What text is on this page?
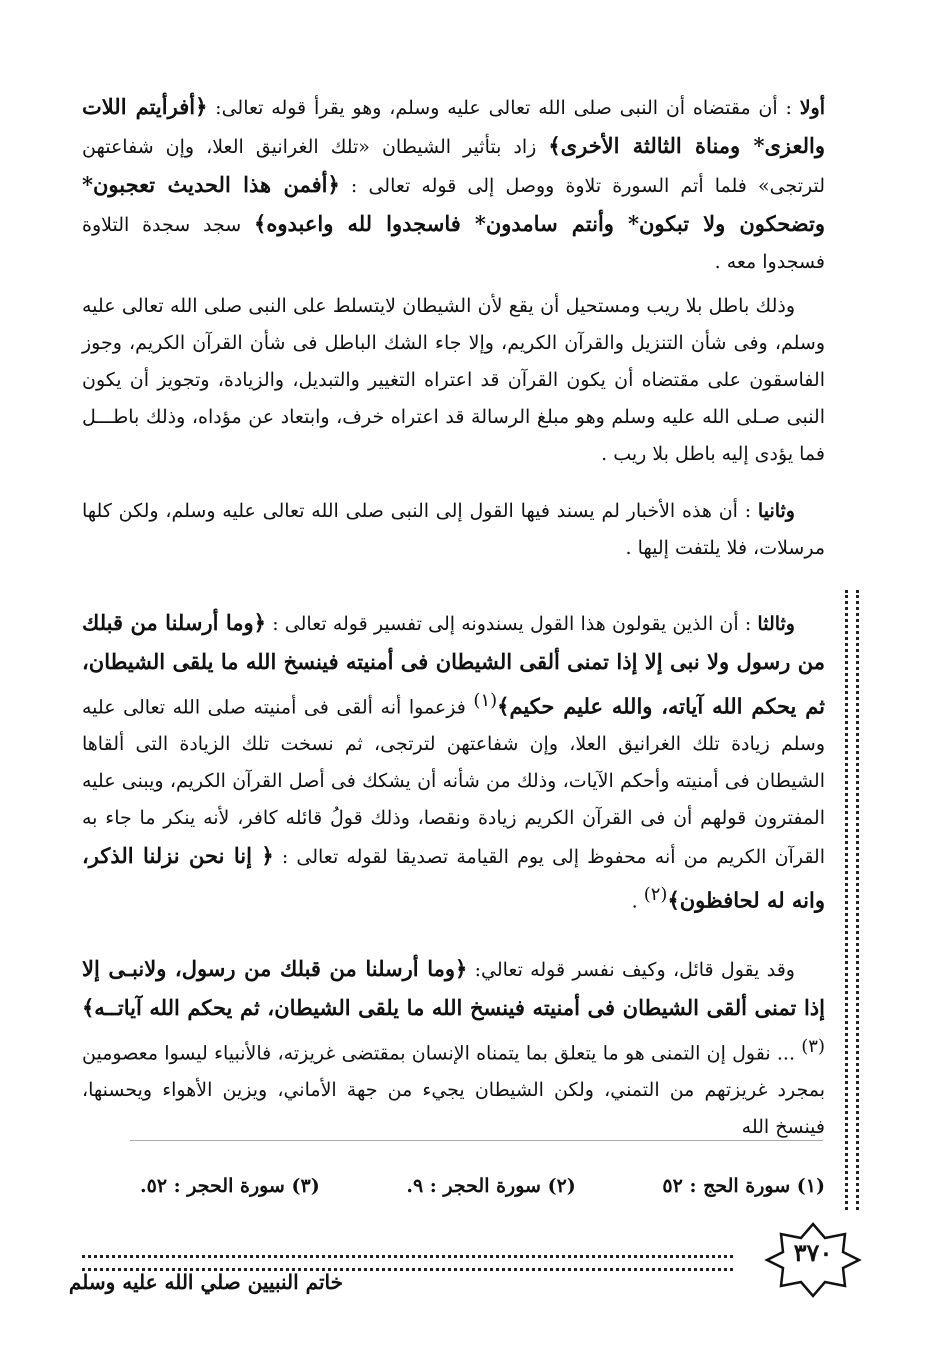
أولا : أن مقتضاه أن النبى صلى الله تعالى عليه وسلم، وهو يقرأ قوله تعالى: ﴿أفرأيتم اللات والعزى* ومناة الثالثة الأخرى﴾ زاد بتأثير الشيطان «تلك الغرانيق العلا، وإن شفاعتهن لترتجى» فلما أتم السورة تلاوة ووصل إلى قوله تعالى : ﴿أفمن هذا الحديث تعجبون* وتضحكون ولا تبكون* وأنتم سامدون* فاسجدوا لله واعبدوه﴾ سجد سجدة التلاوة فسجدوا معه .

وذلك باطل بلا ريب ومستحيل أن يقع لأن الشيطان لايتسلط على النبى صلى الله تعالى عليه وسلم، وفى شأن التنزيل والقرآن الكريم، وإلا جاء الشك الباطل فى شأن القرآن الكريم، وجوز الفاسقون على مقتضاه أن يكون القرآن قد اعتراه التغيير والتبديل، والزيادة، وتجويز أن يكون النبى صـلى الله عليه وسلم وهو مبلغ الرسالة قد اعتراه خرف، وابتعاد عن مؤداه، وذلك باطـــل فما يؤدى إليه باطل بلا ريب .

وثانيا : أن هذه الأخبار لم يسند فيها القول إلى النبى صلى الله تعالى عليه وسلم، ولكن كلها مرسلات، فلا يلتفت إليها .

وثالثا : أن الذين يقولون هذا القول يسندونه إلى تفسير قوله تعالى : ﴿وما أرسلنا من قبلك من رسول ولا نبى إلا إذا تمنى ألقى الشيطان فى أمنيته فينسخ الله ما يلقى الشيطان، ثم يحكم الله آياته، والله عليم حكيم﴾$^{(١)}$ فزعموا أنه ألقى فى أمنيته صلى الله تعالى عليه وسلم زيادة تلك الغرانيق العلا، وإن شفاعتهن لترتجى، ثم نسخت تلك الزيادة التى ألقاها الشيطان فى أمنيته وأحكم الآيات، وذلك من شأنه أن يشكك فى أصل القرآن الكريم، ويبنى عليه المفترون قولهم أن فى القرآن الكريم زيادة ونقصا، وذلك قولُ قائله كافر، لأنه ينكر ما جاء به القرآن الكريم من أنه محفوظ إلى يوم القيامة تصديقا لقوله تعالى : ﴿ إنا نحن نزلنا الذكر، وانه له لحافظون﴾$^{(٢)}$ .

وقد يقول قائل، وكيف نفسر قوله تعالي: ﴿وما أرسلنا من قبلك من رسول، ولانبـى إلا إذا تمنى ألقى الشيطان فى أمنيته فينسخ الله ما يلقى الشيطان، ثم يحكم الله آياتــه﴾$^{(٣)}$ ... نقول إن التمنى هو ما يتعلق بما يتمناه الإنسان بمقتضى غريزته، فالأنبياء ليسوا معصومين بمجرد غريزتهم من التمني، ولكن الشيطان يجيء من جهة الأماني، ويزين الأهواء ويحسنها، فينسخ الله

(١) سورة الحج : ٥٢
(٢) سورة الحجر : ٩.
(٣) سورة الحجر : ٥٢.
خاتم النبيين صلي الله عليه وسلم
٣٧٠
